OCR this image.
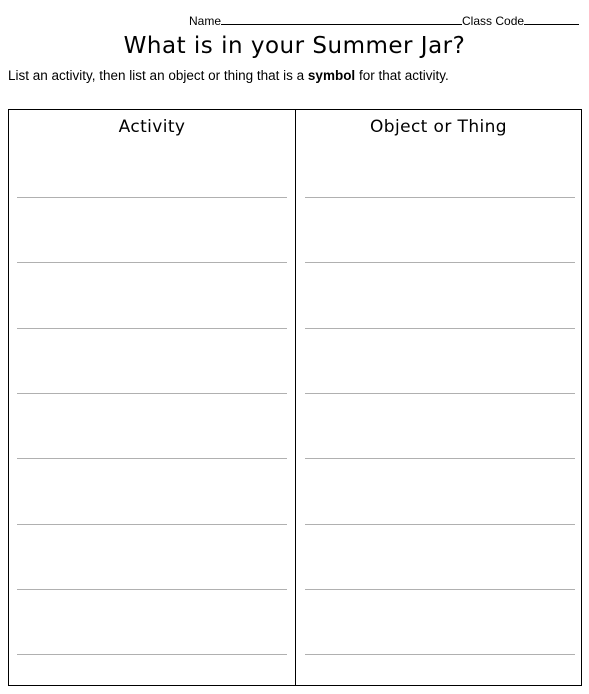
Name	Class Code
What is in your Summer Jar?
List an activity, then list an object or thing that is a symbol for that activity.
Activity	Object or Thing
